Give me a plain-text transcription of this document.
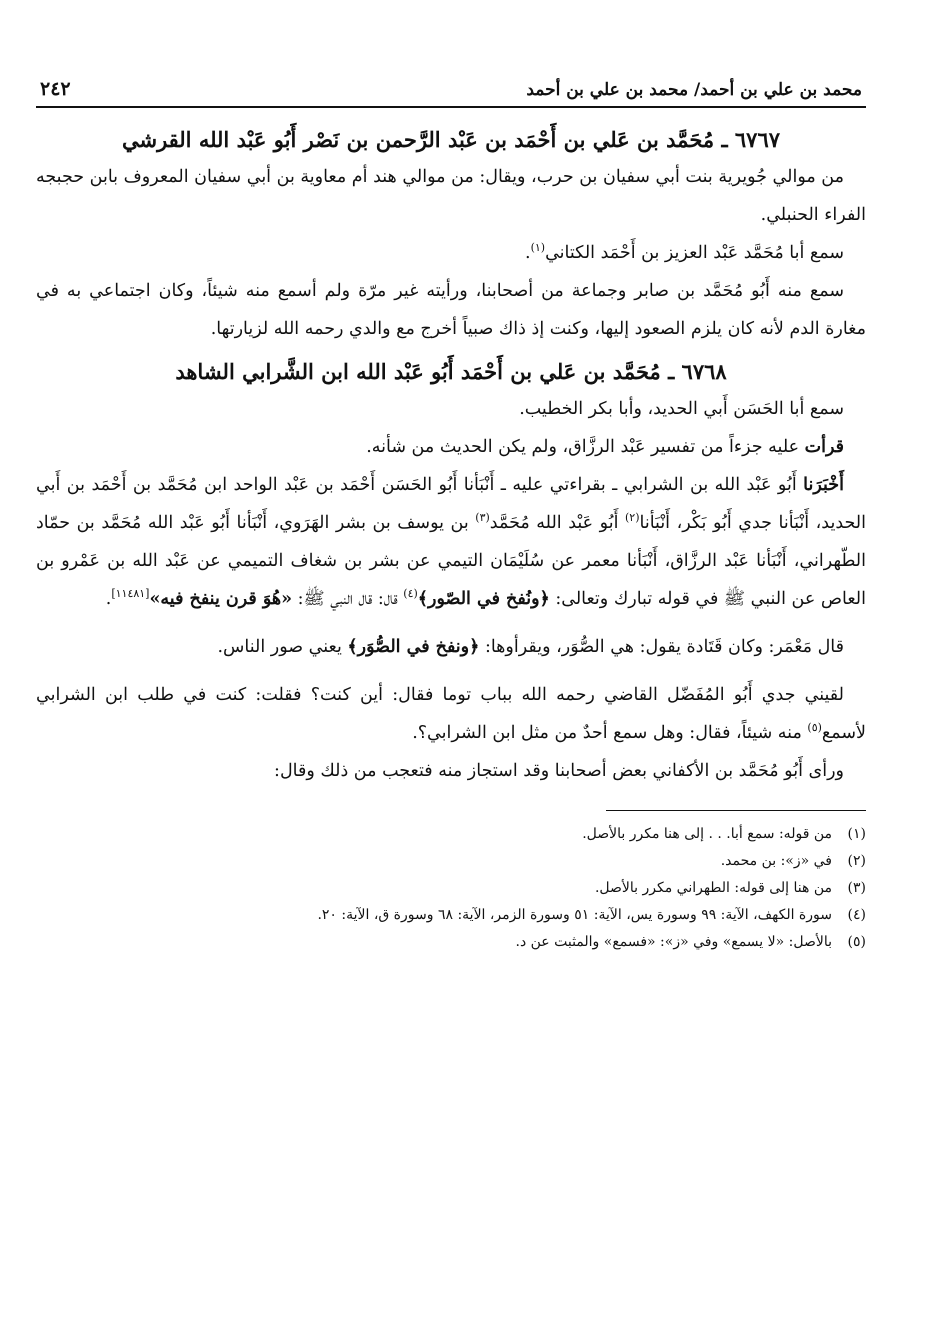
محمد بن علي بن أحمد/ محمد بن علي بن أحمد
٢٤٢
٦٧٦٧ ـ مُحَمَّد بن عَلي بن أَحْمَد بن عَبْد الرَّحمن بن نَصْر أَبُو عَبْد الله القرشي

من موالي جُويرية بنت أبي سفيان بن حرب، ويقال: من موالي هند أم معاوية بن أبي سفيان المعروف بابن حجبجه الفراء الحنبلي.

سمع أبا مُحَمَّد عَبْد العزيز بن أَحْمَد الكتاني$^{(١)}$.

سمع منه أَبُو مُحَمَّد بن صابر وجماعة من أصحابنا، ورأيته غير مرّة ولم أسمع منه شيئاً، وكان اجتماعي به في مغارة الدم لأنه كان يلزم الصعود إليها، وكنت إذ ذاك صبياً أخرج مع والدي رحمه الله لزيارتها.

٦٧٦٨ ـ مُحَمَّد بن عَلي بن أَحْمَد أَبُو عَبْد الله ابن الشَّرابي الشاهد

سمع أبا الحَسَن أَبي الحديد، وأبا بكر الخطيب.

قرأت عليه جزءاً من تفسير عَبْد الرزَّاق، ولم يكن الحديث من شأنه.

أَخْبَرَنا أَبُو عَبْد الله بن الشرابي ـ بقراءتي عليه ـ أَنْبَأنا أَبُو الحَسَن أَحْمَد بن عَبْد الواحد ابن مُحَمَّد بن أَحْمَد بن أَبي الحديد، أَنْبَأنا جدي أَبُو بَكْر، أَنْبَأنا$^{(٢)}$ أَبُو عَبْد الله مُحَمَّد$^{(٣)}$ بن يوسف بن بشر الهَرَوي، أَنْبَأنا أَبُو عَبْد الله مُحَمَّد بن حمّاد الطّهراني، أَنْبَأنا عَبْد الرزَّاق، أَنْبَأنا معمر عن سُلَيْمَان التيمي عن بشر بن شغاف التميمي عن عَبْد الله بن عَمْرو بن العاص عن النبي ﷺ في قوله تبارك وتعالى: ﴿ونُفخ في الصّور﴾$^{(٤)}$ قال: قال النبي ﷺ: «هُوَ قرن ينفخ فيه»[١١٤٨١].

قال مَعْمَر: وكان قَتَادة يقول: هي الصُّوَر، ويقرأوها: ﴿ونفخ في الصُّوَر﴾ يعني صور الناس.

لقيني جدي أَبُو المُفَضّل القاضي رحمه الله بباب توما فقال: أين كنت؟ فقلت: كنت في طلب ابن الشرابي لأسمع$^{(٥)}$ منه شيئاً، فقال: وهل سمع أحدٌ من مثل ابن الشرابي؟.

ورأى أَبُو مُحَمَّد بن الأكفاني بعض أصحابنا وقد استجاز منه فتعجب من ذلك وقال:

(١)من قوله: سمع أبا. . . إلى هنا مكرر بالأصل.

(٢)في «ز»: بن محمد.

(٣)من هنا إلى قوله: الطهراني مكرر بالأصل.

(٤)سورة الكهف، الآية: ٩٩ وسورة يس، الآية: ٥١ وسورة الزمر، الآية: ٦٨ وسورة ق، الآية: ٢٠.

(٥)بالأصل: «لا يسمع» وفي «ز»: «فسمع» والمثبت عن د.
